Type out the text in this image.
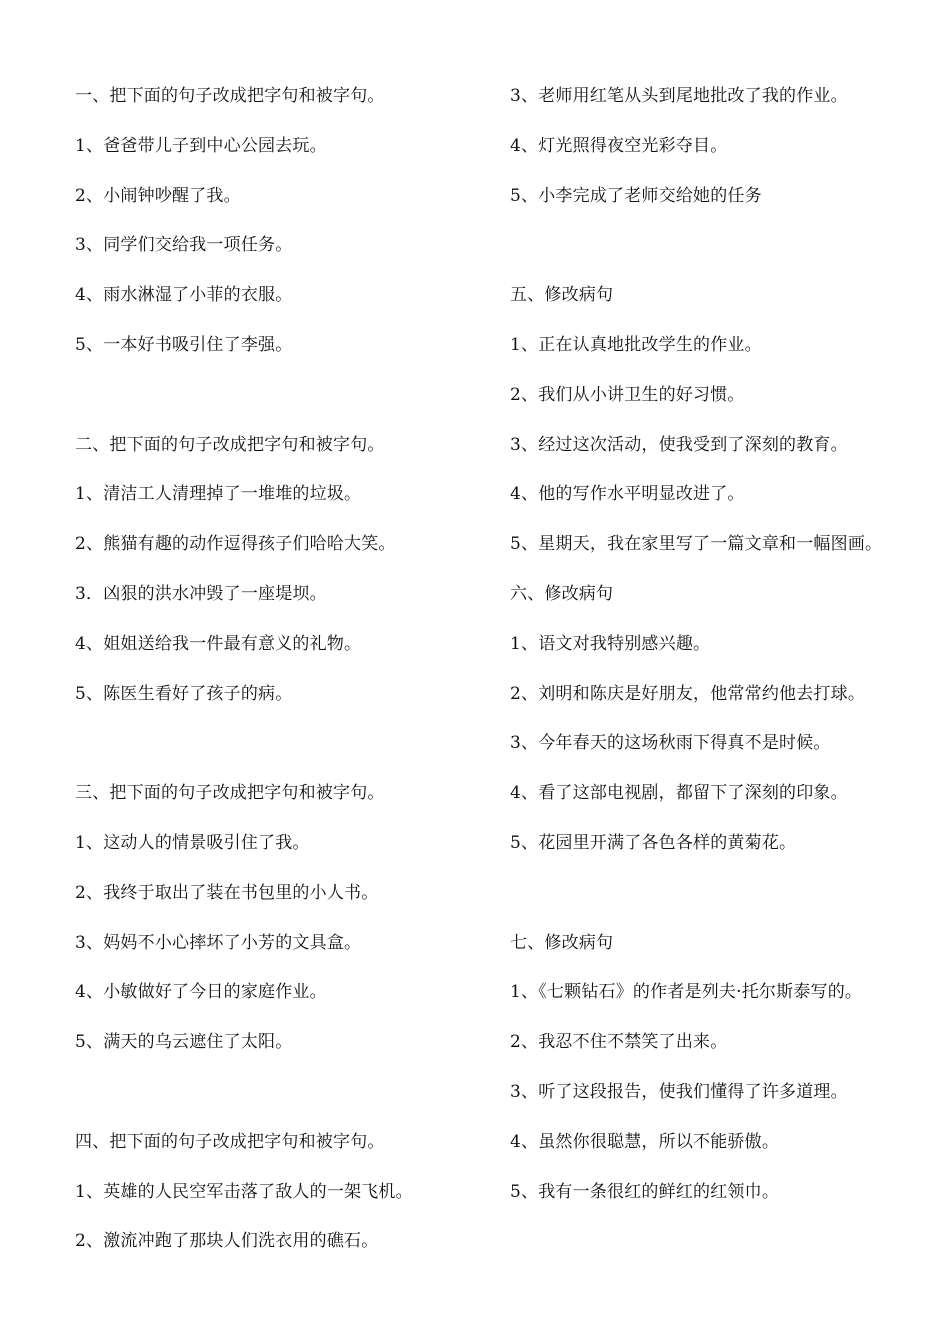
一、把下面的句子改成把字句和被字句。
1、爸爸带儿子到中心公园去玩。
2、小闹钟吵醒了我。
3、同学们交给我一项任务。
4、雨水淋湿了小菲的衣服。
5、一本好书吸引住了李强。
二、把下面的句子改成把字句和被字句。
1、清洁工人清理掉了一堆堆的垃圾。
2、熊猫有趣的动作逗得孩子们哈哈大笑。
3．凶狠的洪水冲毁了一座堤坝。
4、姐姐送给我一件最有意义的礼物。
5、陈医生看好了孩子的病。
三、把下面的句子改成把字句和被字句。
1、这动人的情景吸引住了我。
2、我终于取出了装在书包里的小人书。
3、妈妈不小心摔坏了小芳的文具盒。
4、小敏做好了今日的家庭作业。
5、满天的乌云遮住了太阳。
四、把下面的句子改成把字句和被字句。
1、英雄的人民空军击落了敌人的一架飞机。
2、激流冲跑了那块人们洗衣用的礁石。
3、老师用红笔从头到尾地批改了我的作业。
4、灯光照得夜空光彩夺目。
5、小李完成了老师交给她的任务
五、修改病句
1、正在认真地批改学生的作业。
2、我们从小讲卫生的好习惯。
3、经过这次活动，使我受到了深刻的教育。
4、他的写作水平明显改进了。
5、星期天，我在家里写了一篇文章和一幅图画。
六、修改病句
1、语文对我特别感兴趣。
2、刘明和陈庆是好朋友，他常常约他去打球。
3、今年春天的这场秋雨下得真不是时候。
4、看了这部电视剧，都留下了深刻的印象。
5、花园里开满了各色各样的黄菊花。
七、修改病句
1、《七颗钻石》的作者是列夫·托尔斯泰写的。
2、我忍不住不禁笑了出来。
3、听了这段报告，使我们懂得了许多道理。
4、虽然你很聪慧，所以不能骄傲。
5、我有一条很红的鲜红的红领巾。
